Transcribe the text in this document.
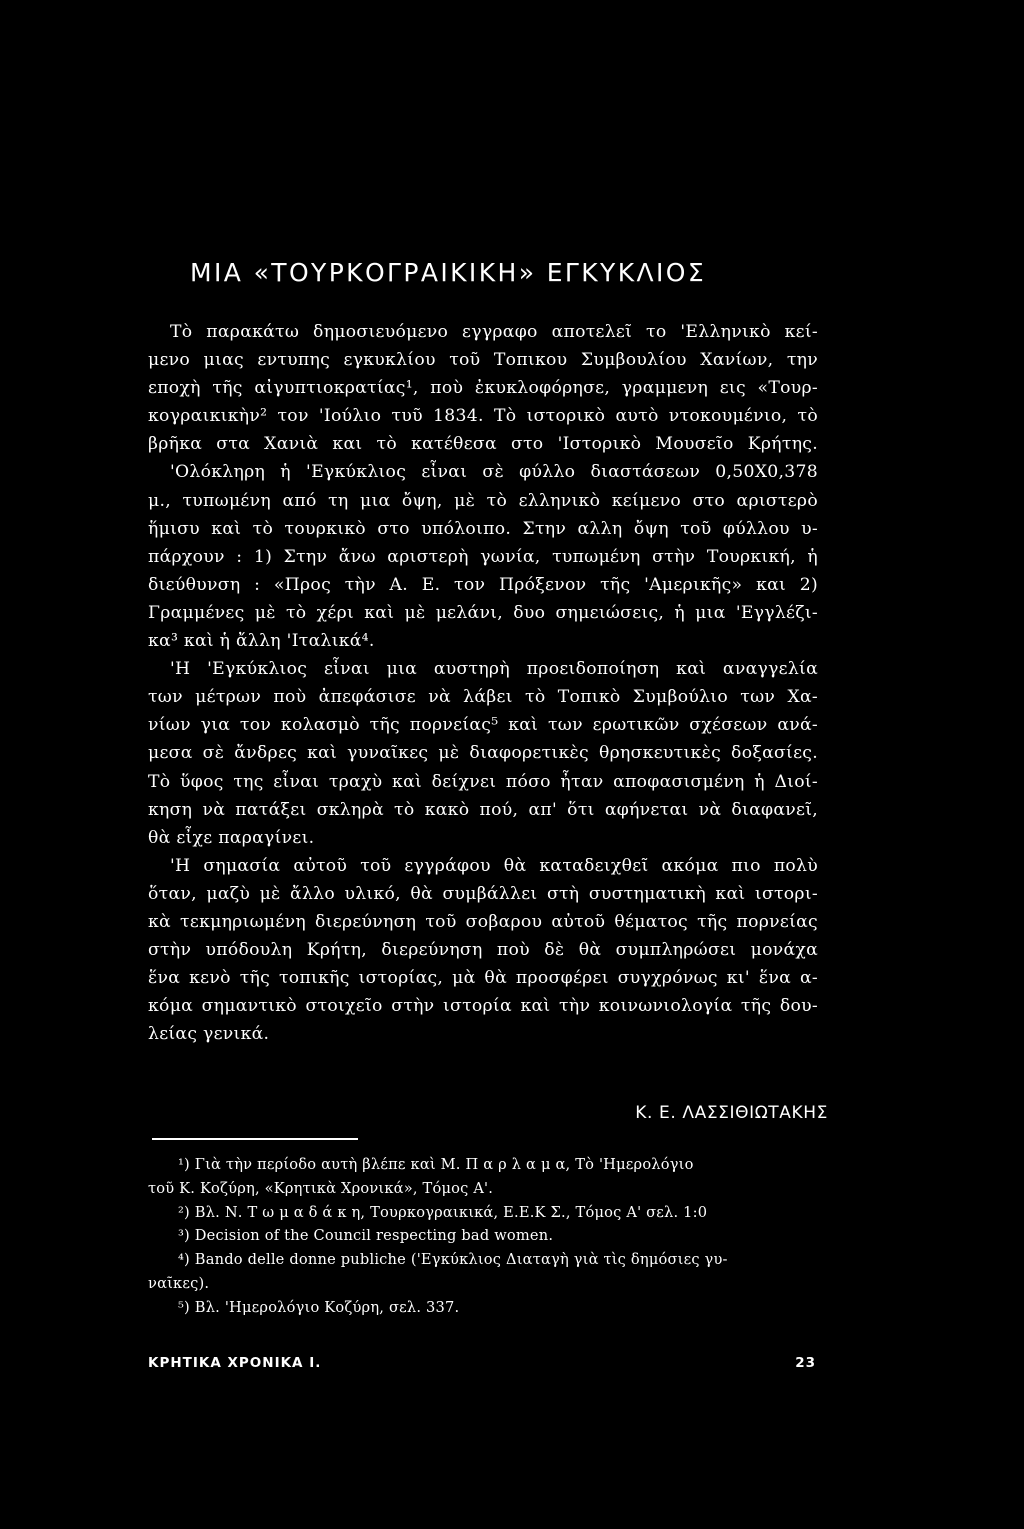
ΜΙΑ «ΤΟΥΡΚΟΓΡΑΙΚΙΚΗ» ΕΓΚΥΚΛΙΟΣ
Τὸ παρακάτω δημοσιευόμενο εγγραφο αποτελεῖ το 'Ελληνικὸ κεί-
μενο μιας εντυπης εγκυκλίου τοῦ Τοπικου Συμβουλίου Χανίων, την
εποχὴ τῆς αἰγυπτιοκρατίας¹, ποὺ ἐκυκλοφόρησε, γραμμενη εις «Τουρ-
κογραικικὴν² τον 'Ιούλιο τυῦ 1834. Τὸ ιστορικὸ αυτὸ ντοκουμένιο, τὸ
βρῆκα στα Χανιὰ και τὸ κατέθεσα στο 'Ιστορικὸ Μουσεῖο Κρήτης.
'Ολόκληρη ἡ 'Εγκύκλιος εἶναι σὲ φύλλο διαστάσεων 0,50Χ0,378
μ., τυπωμένη από τη μια ὄψη, μὲ τὸ ελληνικὸ κείμενο στο αριστερὸ
ἥμισυ καὶ τὸ τουρκικὸ στο υπόλοιπο. Στην αλλη ὄψη τοῦ φύλλου υ-
πάρχουν : 1) Στην ἄνω αριστερὴ γωνία, τυπωμένη στὴν Τουρκική, ἡ
διεύθυνση : «Προς τὴν Α. Ε. τον Πρόξενον τῆς 'Αμερικῆς» και 2)
Γραμμένες μὲ τὸ χέρι καὶ μὲ μελάνι, δυο σημειώσεις, ἡ μια 'Εγγλέζι-
κα³ καὶ ἡ ἄλλη 'Ιταλικά⁴.
'Η 'Εγκύκλιος εἶναι μια αυστηρὴ προειδοποίηση καὶ αναγγελία
των μέτρων ποὺ ἀπεφάσισε νὰ λάβει τὸ Τοπικὸ Συμβούλιο των Χα-
νίων για τον κολασμὸ τῆς πορνείας⁵ καὶ των ερωτικῶν σχέσεων ανά-
μεσα σὲ ἄνδρες καὶ γυναῖκες μὲ διαφορετικὲς θρησκευτικὲς δοξασίες.
Τὸ ὕφος της εἶναι τραχὺ καὶ δείχνει πόσο ἦταν αποφασισμένη ἡ Διοί-
κηση νὰ πατάξει σκληρὰ τὸ κακὸ πού, απ' ὅτι αφήνεται νὰ διαφανεῖ,
θὰ εἶχε παραγίνει.
'Η σημασία αὐτοῦ τοῦ εγγράφου θὰ καταδειχθεῖ ακόμα πιο πολὺ
ὅταν, μαζὺ μὲ ἄλλο υλικό, θὰ συμβάλλει στὴ συστηματικὴ καὶ ιστορι-
κὰ τεκμηριωμένη διερεύνηση τοῦ σοβαρου αὐτοῦ θέματος τῆς πορνείας
στὴν υπόδουλη Κρήτη, διερεύνηση ποὺ δὲ θὰ συμπληρώσει μονάχα
ἕνα κενὸ τῆς τοπικῆς ιστορίας, μὰ θὰ προσφέρει συγχρόνως κι' ἕνα α-
κόμα σημαντικὸ στοιχεῖο στὴν ιστορία καὶ τὴν κοινωνιολογία τῆς δου-
λείας γενικά.
Κ. Ε. ΛΑΣΣΙΘΙΩΤΑΚΗΣ
¹) Γιὰ τὴν περίοδο αυτὴ βλέπε καὶ Μ. Π α ρ λ α μ α, Τὸ 'Ημερολόγιο
τοῦ Κ. Κοζύρη, «Κρητικὰ Χρονικά», Τόμος Α'.
²) Βλ. Ν. Τ ω μ α δ ά κ η, Τουρκογραικικά, Ε.Ε.Κ Σ., Τόμος Α' σελ. 1:0
³) Decision of the Council respecting bad women.
⁴) Bando delle donne publiche ('Εγκύκλιος Διαταγὴ γιὰ τὶς δημόσιες γυ-
ναῖκες).
⁵) Βλ. 'Ημερολόγιο Κοζύρη, σελ. 337.
ΚΡΗΤΙΚΑ ΧΡΟΝΙΚΑ Ι.	23
